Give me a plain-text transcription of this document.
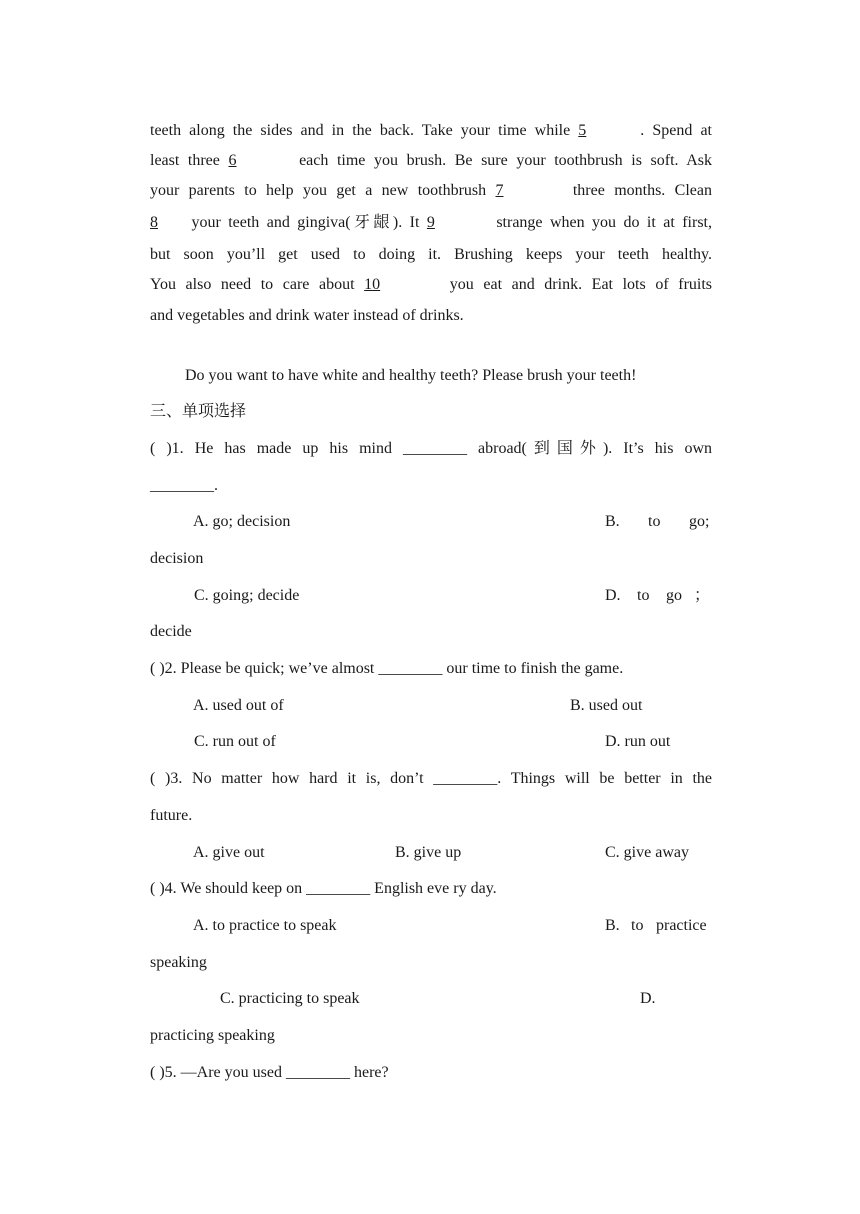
teeth along the sides and in the back. Take your time while 5	. Spend at
least three 6	each time you brush. Be sure your toothbrush is soft. Ask
your parents to help you get a new toothbrush 7	three months. Clean
8 your teeth and gingiva(牙龈). It 9	strange when you do it at first,
but soon you’ll get used to doing it. Brushing keeps your teeth healthy.
You also need to care about 10	you eat and drink. Eat lots of fruits
and vegetables and drink water instead of drinks.
Do you want to have white and healthy teeth? Please brush your teeth!
三、单项选择
( )1. He has made up his mind ________ abroad(到国外). It’s his own
________.
A. go; decision	B. to go;
decision
C. going; decide	D. to go ；
decide
( )2. Please be quick; we’ve almost ________ our time to finish the game.
A. used out of	B. used out
C. run out of	D. run out
( )3. No matter how hard it is, don’t ________. Things will be better in the
future.
A. give out	B. give up	C. give away
( )4. We should keep on ________ English eve ry day.
A. to practice to speak	B. to practice
speaking
C. practicing to speak	D.
practicing speaking
( )5. —Are you used ________ here?
